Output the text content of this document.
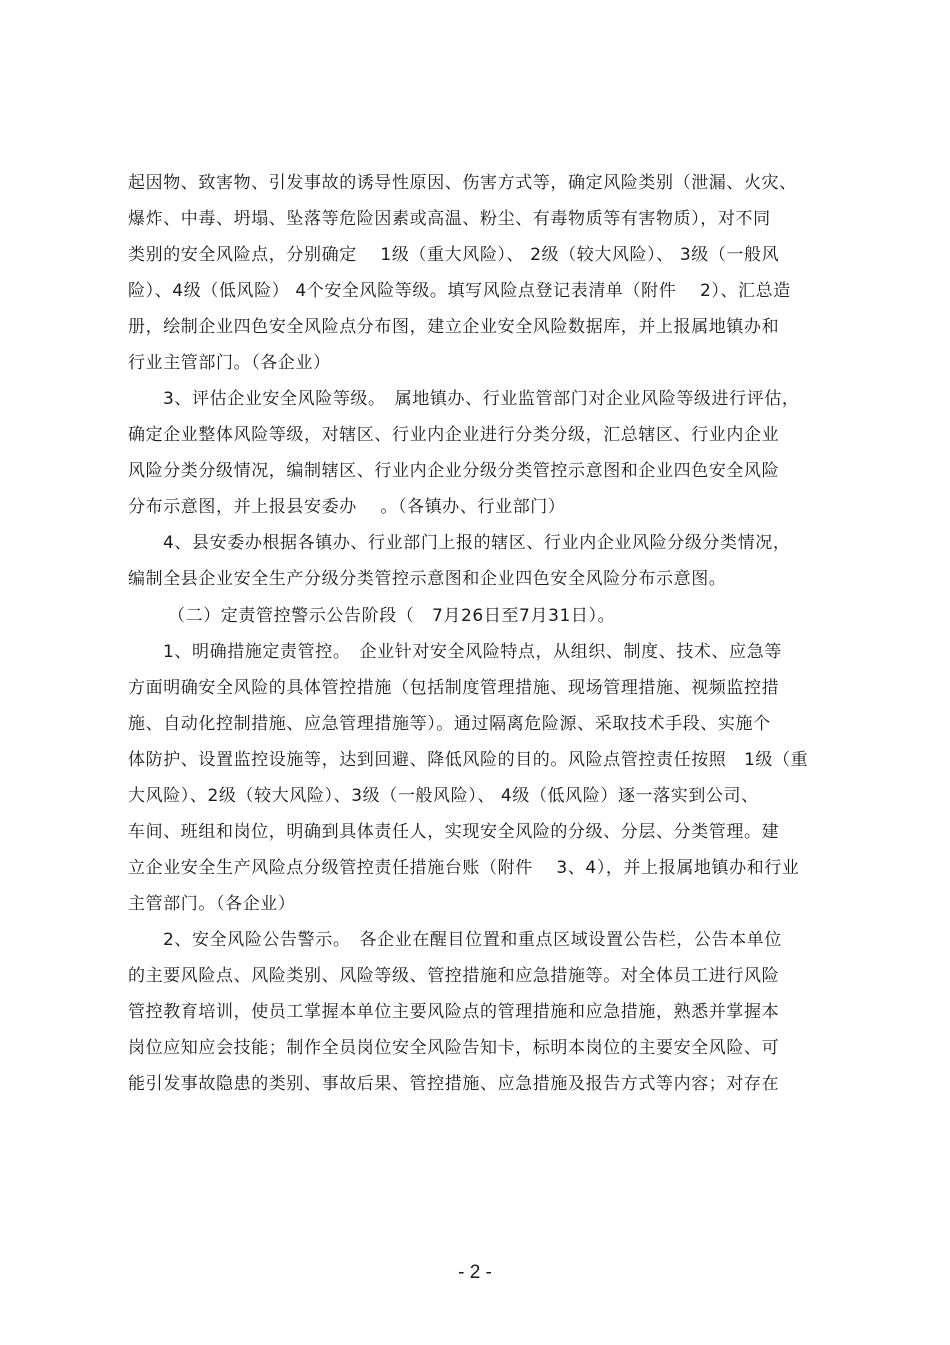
起因物、致害物、引发事故的诱导性原因、伤害方式等，确定风险类别（泄漏、火灾、
爆炸、中毒、坍塌、坠落等危险因素或高温、粉尘、有毒物质等有害物质），对不同
类别的安全风险点，分别确定　 1级（重大风险）、 2级（较大风险）、 3级（一般风
险）、4级（低风险） 4个安全风险等级。填写风险点登记表清单（附件　 2）、汇总造
册，绘制企业四色安全风险点分布图，建立企业安全风险数据库，并上报属地镇办和
行业主管部门。（各企业）
3、评估企业安全风险等级。　属地镇办、行业监管部门对企业风险等级进行评估，
确定企业整体风险等级，对辖区、行业内企业进行分类分级，汇总辖区、行业内企业
风险分类分级情况，编制辖区、行业内企业分级分类管控示意图和企业四色安全风险
分布示意图，并上报县安委办　 。（各镇办、行业部门）
4、县安委办根据各镇办、行业部门上报的辖区、行业内企业风险分级分类情况，
编制全县企业安全生产分级分类管控示意图和企业四色安全风险分布示意图。
（二）定责管控警示公告阶段（　7月26日至7月31日）。
1、明确措施定责管控。　企业针对安全风险特点，从组织、制度、技术、应急等
方面明确安全风险的具体管控措施（包括制度管理措施、现场管理措施、视频监控措
施、自动化控制措施、应急管理措施等）。通过隔离危险源、采取技术手段、实施个
体防护、设置监控设施等，达到回避、降低风险的目的。风险点管控责任按照　1级（重
大风险）、2级（较大风险）、3级（一般风险）、 4级（低风险）逐一落实到公司、
车间、班组和岗位，明确到具体责任人，实现安全风险的分级、分层、分类管理。建
立企业安全生产风险点分级管控责任措施台账（附件　 3、4），并上报属地镇办和行业
主管部门。（各企业）
2、安全风险公告警示。　各企业在醒目位置和重点区域设置公告栏，公告本单位
的主要风险点、风险类别、风险等级、管控措施和应急措施等。对全体员工进行风险
管控教育培训，使员工掌握本单位主要风险点的管理措施和应急措施，熟悉并掌握本
岗位应知应会技能；制作全员岗位安全风险告知卡，标明本岗位的主要安全风险、可
能引发事故隐患的类别、事故后果、管控措施、应急措施及报告方式等内容；对存在
- 2 -
